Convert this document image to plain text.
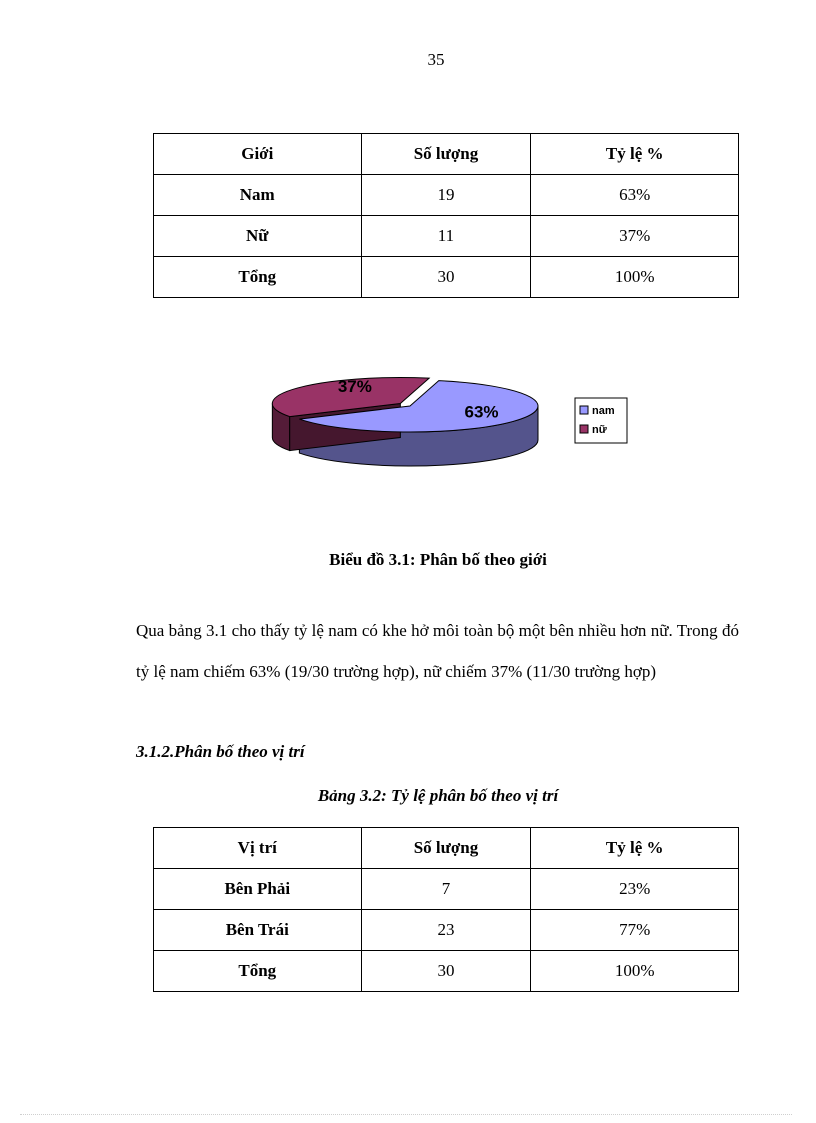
35
Giới	Số lượng	Tỷ lệ %
Nam	19	63%
Nữ	11	37%
Tổng	30	100%
63%
37%
nam
nữ
Biểu đồ 3.1: Phân bố theo giới

Qua bảng 3.1 cho thấy tỷ lệ nam có khe hở môi toàn bộ một bên nhiều hơn nữ. Trong đó tỷ lệ nam chiếm 63% (19/30 trường hợp), nữ chiếm 37% (11/30 trường hợp)

3.1.2.Phân bố theo vị trí
Bảng 3.2: Tỷ lệ phân bố theo vị trí
Vị trí	Số lượng	Tỷ lệ %
Bên Phải	7	23%
Bên Trái	23	77%
Tổng	30	100%
